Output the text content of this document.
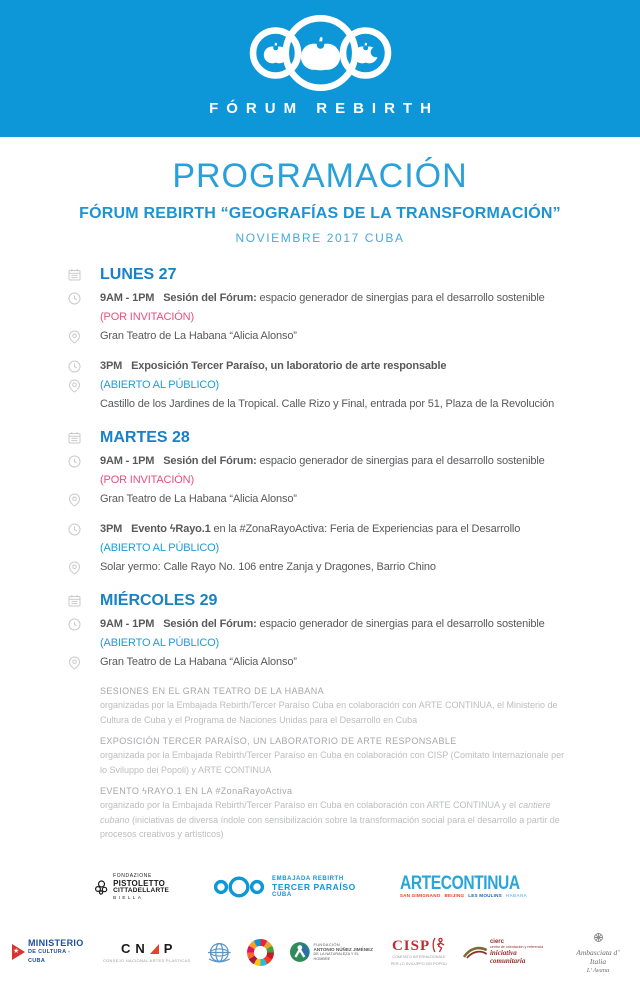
FÓRUM REBIRTH
PROGRAMACIÓN
FÓRUM REBIRTH “GEOGRAFÍAS DE LA TRANSFORMACIÓN”
NOVIEMBRE 2017 CUBA
LUNES 27

9AM - 1PM Sesión del Fórum: espacio generador de sinergias para el desarrollo sostenible

(POR INVITACIÓN)

Gran Teatro de La Habana “Alicia Alonso”

3PM Exposición Tercer Paraíso, un laboratorio de arte responsable

(ABIERTO AL PÚBLICO)

Castillo de los Jardines de la Tropical. Calle Rizo y Final, entrada por 51, Plaza de la Revolución

MARTES 28

9AM - 1PM Sesión del Fórum: espacio generador de sinergias para el desarrollo sostenible

(POR INVITACIÓN)

Gran Teatro de La Habana “Alicia Alonso”

3PM Evento ϟRayo.1 en la #ZonaRayoActiva: Feria de Experiencias para el Desarrollo

(ABIERTO AL PÚBLICO)

Solar yermo: Calle Rayo No. 106 entre Zanja y Dragones, Barrio Chino

MIÉRCOLES 29

9AM - 1PM Sesión del Fórum: espacio generador de sinergias para el desarrollo sostenible

(ABIERTO AL PÚBLICO)

Gran Teatro de La Habana “Alicia Alonso”

SESIONES EN EL GRAN TEATRO DE LA HABANA

organizadas por la Embajada Rebirth/Tercer Paraíso Cuba en colaboración con ARTE CONTINUA, el Ministerio de Cultura de Cuba y el Programa de Naciones Unidas para el Desarrollo en Cuba

EXPOSICIÓN TERCER PARAÍSO, UN LABORATORIO DE ARTE RESPONSABLE

organizada por la Embajada Rebirth/Tercer Paraíso en Cuba en colaboración con CISP (Comitato Internazionale per lo Sviluppo dei Popoli) y ARTE CONTINUA

EVENTO ϟRAYO.1 EN LA #ZonaRayoActiva

organizado por la Embajada Rebirth/Tercer Paraíso en Cuba en colaboración con ARTE CONTINUA y el cantiere cubano (iniciativas de diversa índole con sensibilización sobre la transformación social para el desarrollo a partir de procesos creativos y artísticos)

FONDAZIONE
PISTOLETTO
CITTADELLARTE
BIELLA
EMBAJADA REBIRTH
TERCER PARAÍSO
CUBA
ARTECONTINUA
SAN GIMIGNANO BEIJING LES MOULINS HABANA
★
MINISTERIO
DE CULTURA - CUBA
C N P
CONSEJO NACIONAL ARTES PLASTICAS
FUNDACIÓN
ANTONIO NÚÑEZ JIMÉNEZ
DE LA NATURALEZA Y EL HOMBRE
CISP
COMITATO INTERNAZIONALE
PER LO SVILUPPO DEI POPOLI
cierc
centro de orientación y referencia
iniciativa comunitaria
Ambasciata d’ Italia
L’ Avana
